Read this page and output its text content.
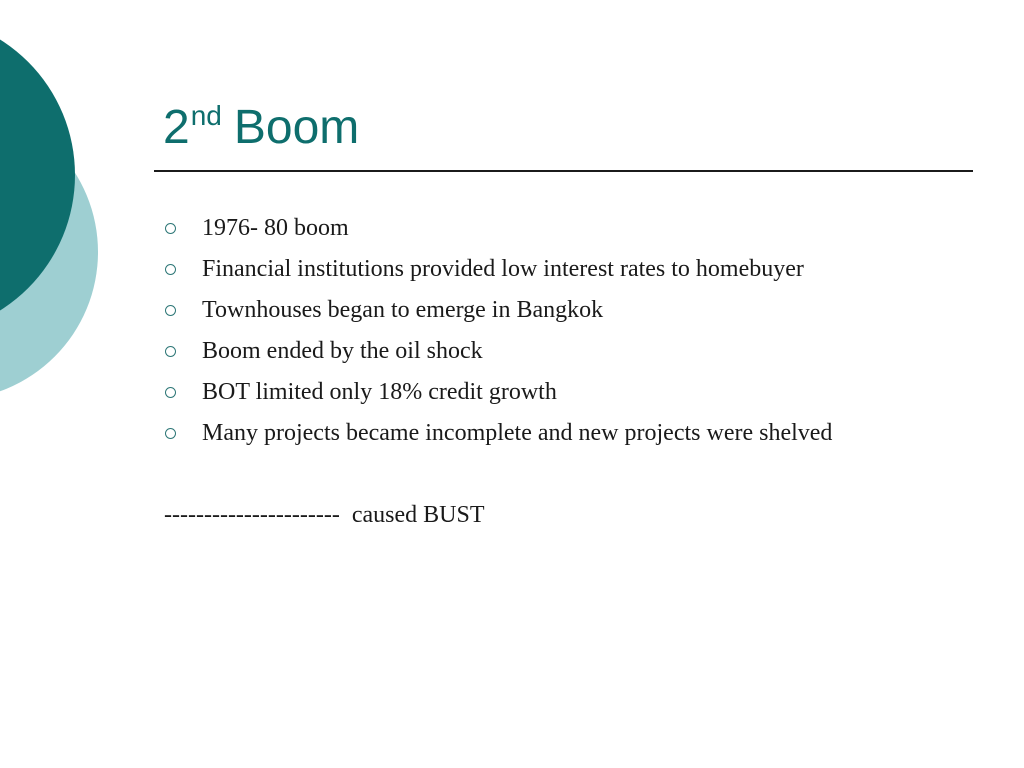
2nd Boom
1976- 80 boom
Financial institutions provided low interest rates to homebuyer
Townhouses began to emerge in Bangkok
Boom ended by the oil shock
BOT limited only 18% credit growth
Many projects became incomplete and new projects were shelved
---------------------- caused BUST
